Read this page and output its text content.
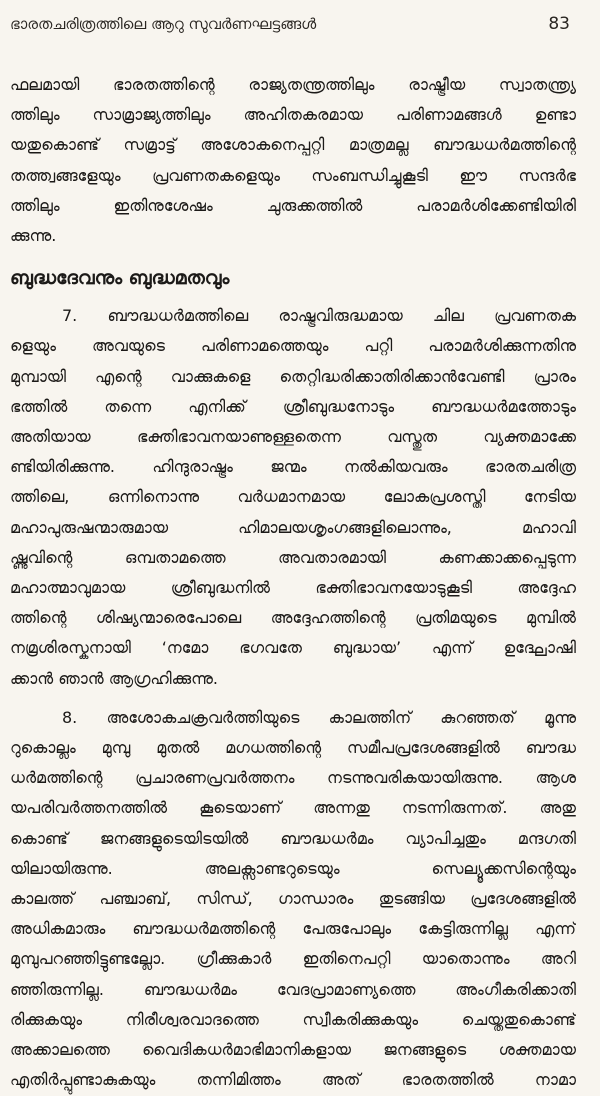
ഭാരതചരിത്രത്തിലെ ആറു സുവർണഘട്ടങ്ങൾ	83

ഫലമായി ഭാരതത്തിന്റെ രാജ്യതന്ത്രത്തിലും രാഷ്ട്രീയ സ്വാതന്ത്ര്യ
ത്തിലും സാമ്രാജ്യത്തിലും അഹിതകരമായ പരിണാമങ്ങൾ ഉണ്ടാ
യതുകൊണ്ട് സമ്രാട്ട് അശോകനെപ്പറ്റി മാത്രമല്ല ബൗദ്ധധർമത്തിന്റെ
തത്ത്വങ്ങളേയും പ്രവണതകളെയും സംബന്ധിച്ചുകൂടി ഈ സന്ദർഭ
ത്തിലും ഇതിനുശേഷം ചുരുക്കത്തിൽ പരാമർശിക്കേണ്ടിയിരി
ക്കുന്നു.

ബുദ്ധദേവനും ബുദ്ധമതവും

7. ബൗദ്ധധർമത്തിലെ രാഷ്ട്രവിരുദ്ധമായ ചില പ്രവണതക
ളെയും അവയുടെ പരിണാമത്തെയും പറ്റി പരാമർശിക്കുന്നതിനു
മുമ്പായി എന്റെ വാക്കുകളെ തെറ്റിദ്ധരിക്കാതിരിക്കാൻവേണ്ടി പ്രാരം
ഭത്തിൽ തന്നെ എനിക്ക് ശ്രീബുദ്ധനോടും ബൗദ്ധധർമത്തോടും
അതിയായ ഭക്തിഭാവനയാണുള്ളതെന്ന വസ്തുത വ്യക്തമാക്കേ
ണ്ടിയിരിക്കുന്നു. ഹിന്ദുരാഷ്ട്രം ജന്മം നൽകിയവരും ഭാരതചരിത്ര
ത്തിലെ, ഒന്നിനൊന്നു വർധമാനമായ ലോകപ്രശസ്തി നേടിയ
മഹാപുരുഷന്മാരുമായ ഹിമാലയശൃംഗങ്ങളിലൊന്നും, മഹാവി
ഷ്ണുവിന്റെ ഒമ്പതാമത്തെ അവതാരമായി കണക്കാക്കപ്പെടുന്ന
മഹാത്മാവുമായ ശ്രീബുദ്ധനിൽ ഭക്തിഭാവനയോടുകൂടി അദ്ദേഹ
ത്തിന്റെ ശിഷ്യന്മാരെപോലെ അദ്ദേഹത്തിന്റെ പ്രതിമയുടെ മുമ്പിൽ
നമ്രശിരസ്കനായി ‘നമോ ഭഗവതേ ബുദ്ധായ’ എന്ന് ഉദ്ഘോഷി
ക്കാൻ ഞാൻ ആഗ്രഹിക്കുന്നു.

8. അശോകചക്രവർത്തിയുടെ കാലത്തിന് കുറഞ്ഞത് മൂന്നു
റുകൊല്ലം മുമ്പു മുതൽ മഗധത്തിന്റെ സമീപപ്രദേശങ്ങളിൽ ബൗദ്ധ
ധർമത്തിന്റെ പ്രചാരണപ്രവർത്തനം നടന്നുവരികയായിരുന്നു. ആശ
യപരിവർത്തനത്തിൽ കൂടെയാണ് അന്നതു നടന്നിരുന്നത്. അതു
കൊണ്ട് ജനങ്ങളുടെയിടയിൽ ബൗദ്ധധർമം വ്യാപിച്ചതും മന്ദഗതി
യിലായിരുന്നു. അലക്സാണ്ടറുടെയും സെല്യൂക്കസിന്റെയും
കാലത്ത് പഞ്ചാബ്, സിന്ധ്, ഗാന്ധാരം തുടങ്ങിയ പ്രദേശങ്ങളിൽ
അധികമാരും ബൗദ്ധധർമത്തിന്റെ പേരുപോലും കേട്ടിരുന്നില്ല എന്ന്
മുമ്പുപറഞ്ഞിട്ടുണ്ടല്ലോ. ഗ്രീക്കുകാർ ഇതിനെപറ്റി യാതൊന്നും അറി
ഞ്ഞിരുന്നില്ല. ബൗദ്ധധർമം വേദപ്രാമാണ്യത്തെ അംഗീകരിക്കാതി
രിക്കുകയും നിരീശ്വരവാദത്തെ സ്വീകരിക്കുകയും ചെയ്തതുകൊണ്ട്
അക്കാലത്തെ വൈദികധർമാഭിമാനികളായ ജനങ്ങളുടെ ശക്തമായ
എതിർപ്പുണ്ടാകുകയും തന്നിമിത്തം അത് ഭാരതത്തിൽ നാമാ
